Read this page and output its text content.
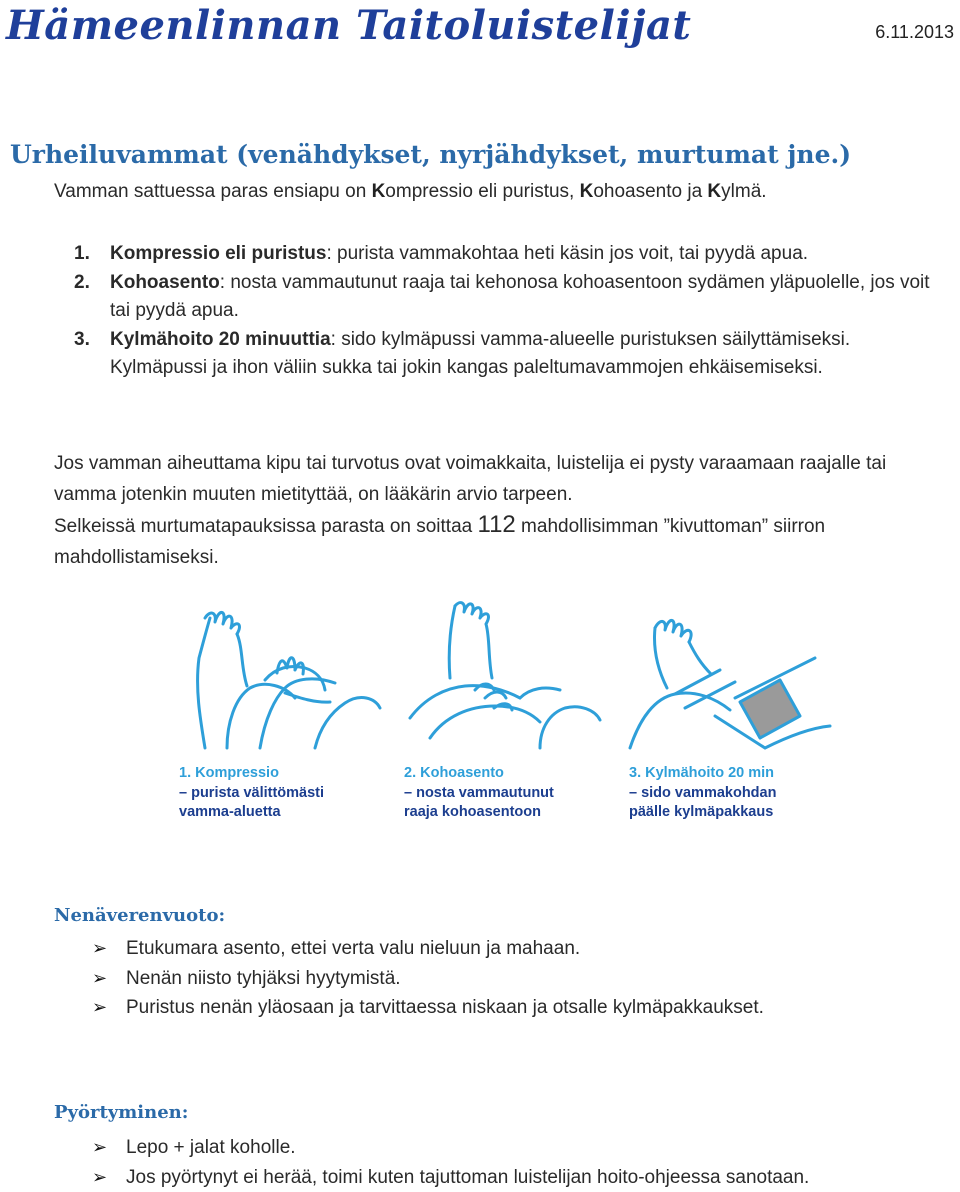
Hämeenlinnan Taitoluistelijat	6.11.2013
Urheiluvammat (venähdykset, nyrjähdykset, murtumat jne.)
Vamman sattuessa paras ensiapu on Kompressio eli puristus, Kohoasento ja Kylmä.
1. Kompressio eli puristus: purista vammakohtaa heti käsin jos voit, tai pyydä apua.
2. Kohoasento: nosta vammautunut raaja tai kehonosa kohoasentoon sydämen yläpuolelle, jos voit tai pyydä apua.
3. Kylmähoito 20 minuuttia: sido kylmäpussi vamma-alueelle puristuksen säilyttämiseksi. Kylmäpussi ja ihon väliin sukka tai jokin kangas paleltumavammojen ehkäisemiseksi.
Jos vamman aiheuttama kipu tai turvotus ovat voimakkaita, luistelija ei pysty varaamaan raajalle tai vamma jotenkin muuten mietityttää, on lääkärin arvio tarpeen.
Selkeissä murtumatapauksissa parasta on soittaa 112 mahdollisimman ”kivuttoman” siirron mahdollistamiseksi.
1. Kompressio
– purista välittömästi
vamma-aluetta
2. Kohoasento
– nosta vammautunut
raaja kohoasentoon
3. Kylmähoito 20 min
– sido vammakohdan
päälle kylmäpakkaus
Nenäverenvuoto:
➢ Etukumara asento, ettei verta valu nieluun ja mahaan.
➢ Nenän niisto tyhjäksi hyytymistä.
➢ Puristus nenän yläosaan ja tarvittaessa niskaan ja otsalle kylmäpakkaukset.
Pyörtyminen:
➢ Lepo + jalat koholle.
➢ Jos pyörtynyt ei herää, toimi kuten tajuttoman luistelijan hoito-ohjeessa sanotaan.
